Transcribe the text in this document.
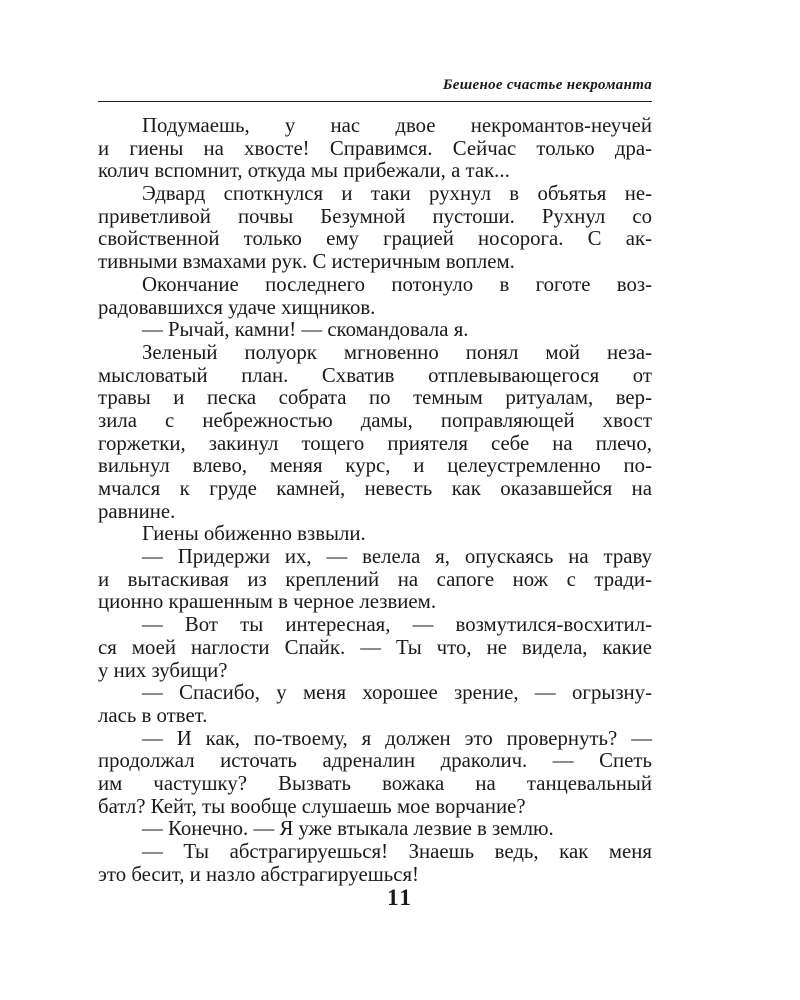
Бешеное счастье некроманта
Подумаешь, у нас двое некромантов-неучей
и гиены на хвосте! Справимся. Сейчас только дра-
колич вспомнит, откуда мы прибежали, а так...
Эдвард споткнулся и таки рухнул в объятья не-
приветливой почвы Безумной пустоши. Рухнул со
свойственной только ему грацией носорога. С ак-
тивными взмахами рук. С истеричным воплем.
Окончание последнего потонуло в гоготе воз-
радовавшихся удаче хищников.
— Рычай, камни! — скомандовала я.
Зеленый полуорк мгновенно понял мой неза-
мысловатый план. Схватив отплевывающегося от
травы и песка собрата по темным ритуалам, вер-
зила с небрежностью дамы, поправляющей хвост
горжетки, закинул тощего приятеля себе на плечо,
вильнул влево, меняя курс, и целеустремленно по-
мчался к груде камней, невесть как оказавшейся на
равнине.
Гиены обиженно взвыли.
— Придержи их, — велела я, опускаясь на траву
и вытаскивая из креплений на сапоге нож с тради-
ционно крашенным в черное лезвием.
— Вот ты интересная, — возмутился-восхитил-
ся моей наглости Спайк. — Ты что, не видела, какие
у них зубищи?
— Спасибо, у меня хорошее зрение, — огрызну-
лась в ответ.
— И как, по-твоему, я должен это провернуть? —
продолжал источать адреналин драколич. — Спеть
им частушку? Вызвать вожака на танцевальный
батл? Кейт, ты вообще слушаешь мое ворчание?
— Конечно. — Я уже втыкала лезвие в землю.
— Ты абстрагируешься! Знаешь ведь, как меня
это бесит, и назло абстрагируешься!
11
